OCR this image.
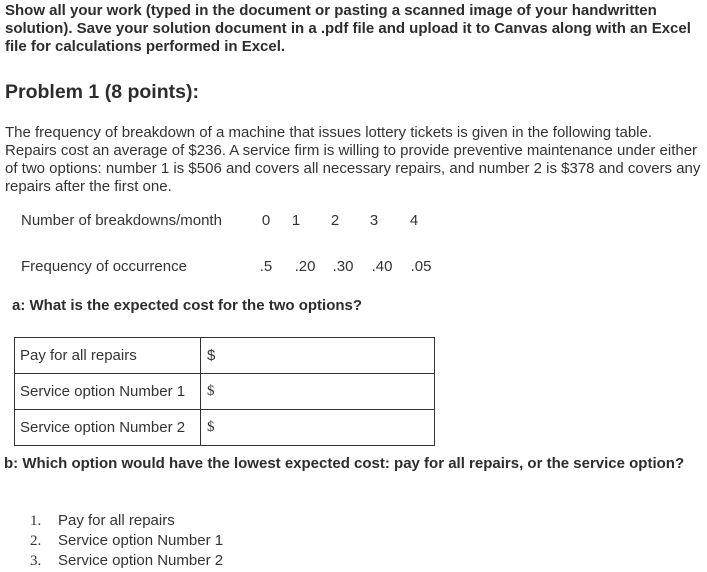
Show all your work (typed in the document or pasting a scanned image of your handwritten solution). Save your solution document in a .pdf file and upload it to Canvas along with an Excel file for calculations performed in Excel.

Problem 1 (8 points):

The frequency of breakdown of a machine that issues lottery tickets is given in the following table. Repairs cost an average of $236. A service firm is willing to provide preventive maintenance under either of two options: number 1 is $506 and covers all necessary repairs, and number 2 is $378 and covers any repairs after the first one.

Number of breakdowns/month	0 1 2 3 4
Frequency of occurrence	.5	.20	.30	.40	.05

a: What is the expected cost for the two options?

Pay for all repairs	$
Service option Number 1	$
Service option Number 2	$

b: Which option would have the lowest expected cost: pay for all repairs, or the service option?

1. Pay for all repairs
2. Service option Number 1
3. Service option Number 2
